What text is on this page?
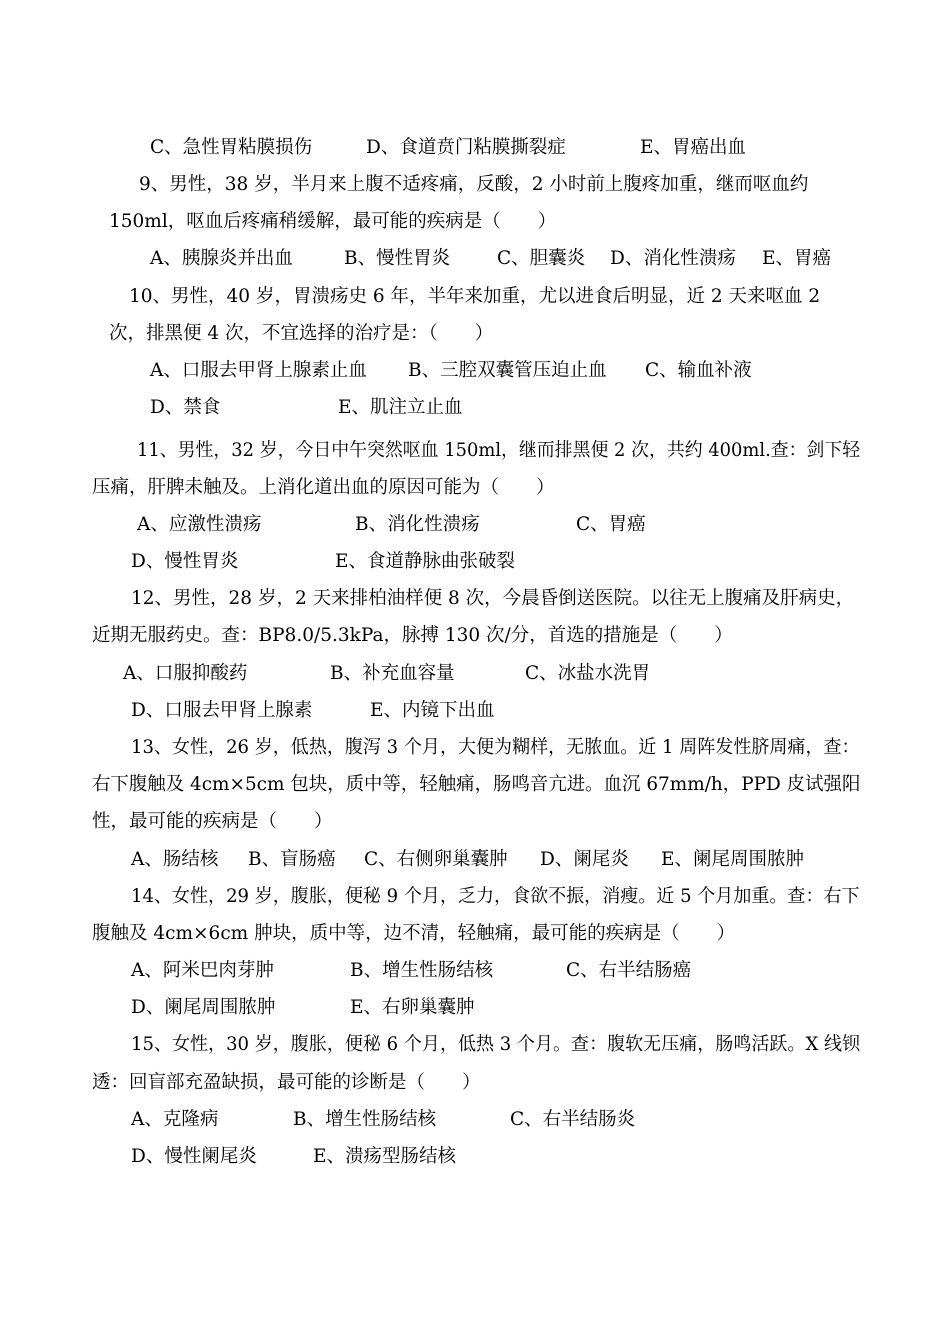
C、急性胃粘膜损伤	D、食道贲门粘膜撕裂症	E、胃癌出血
9、男性，38 岁，半月来上腹不适疼痛，反酸，2 小时前上腹疼加重，继而呕血约
150ml，呕血后疼痛稍缓解，最可能的疾病是（　　）
A、胰腺炎并出血	B、慢性胃炎	C、胆囊炎 D、消化性溃疡 E、胃癌
10、男性，40 岁，胃溃疡史 6 年，半年来加重，尤以进食后明显，近 2 天来呕血 2
次，排黑便 4 次，不宜选择的治疗是：（　　）
A、口服去甲肾上腺素止血 B、三腔双囊管压迫止血 C、输血补液
D、禁食	E、肌注立止血
11、男性，32 岁，今日中午突然呕血 150ml，继而排黑便 2 次，共约 400ml.查：剑下轻
压痛，肝脾未触及。上消化道出血的原因可能为（　　）
A、应激性溃疡	B、消化性溃疡	C、胃癌
D、慢性胃炎	E、食道静脉曲张破裂
12、男性，28 岁，2 天来排柏油样便 8 次，今晨昏倒送医院。以往无上腹痛及肝病史，
近期无服药史。查：BP8.0/5.3kPa，脉搏 130 次/分，首选的措施是（　　）
A、口服抑酸药	B、补充血容量	C、冰盐水洗胃
D、口服去甲肾上腺素	E、内镜下出血
13、女性，26 岁，低热，腹泻 3 个月，大便为糊样，无脓血。近 1 周阵发性脐周痛，查：
右下腹触及 4cm×5cm 包块，质中等，轻触痛，肠鸣音亢进。血沉 67mm/h，PPD 皮试强阳
性，最可能的疾病是（　　）
A、肠结核 B、盲肠癌 C、右侧卵巢囊肿 D、阑尾炎 E、阑尾周围脓肿
14、女性，29 岁，腹胀，便秘 9 个月，乏力，食欲不振，消瘦。近 5 个月加重。查：右下
腹触及 4cm×6cm 肿块，质中等，边不清，轻触痛，最可能的疾病是（　　）
A、阿米巴肉芽肿	B、增生性肠结核	C、右半结肠癌
D、阑尾周围脓肿	E、右卵巢囊肿
15、女性，30 岁，腹胀，便秘 6 个月，低热 3 个月。查：腹软无压痛，肠鸣活跃。X 线钡
透：回盲部充盈缺损，最可能的诊断是（　　）
A、克隆病	B、增生性肠结核	C、右半结肠炎
D、慢性阑尾炎	E、溃疡型肠结核
